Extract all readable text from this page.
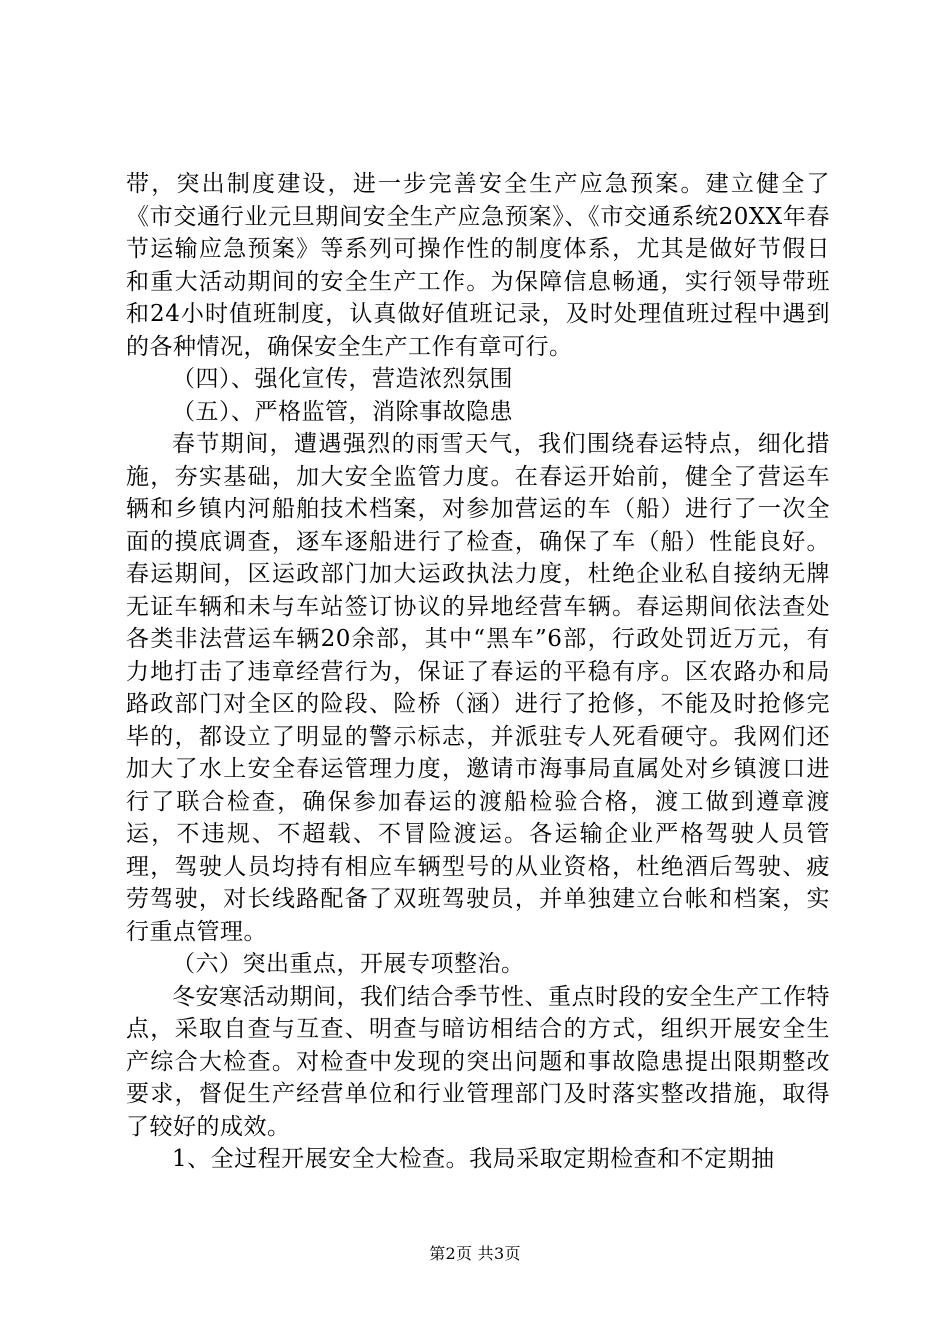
带，突出制度建设，进一步完善安全生产应急预案。建立健全了《市交通行业元旦期间安全生产应急预案》、《市交通系统20XX年春节运输应急预案》等系列可操作性的制度体系，尤其是做好节假日和重大活动期间的安全生产工作。为保障信息畅通，实行领导带班和24小时值班制度，认真做好值班记录，及时处理值班过程中遇到的各种情况，确保安全生产工作有章可行。

（四）、强化宣传，营造浓烈氛围

（五）、严格监管，消除事故隐患

春节期间，遭遇强烈的雨雪天气，我们围绕春运特点，细化措施，夯实基础，加大安全监管力度。在春运开始前，健全了营运车辆和乡镇内河船舶技术档案，对参加营运的车（船）进行了一次全面的摸底调查，逐车逐船进行了检查，确保了车（船）性能良好。春运期间，区运政部门加大运政执法力度，杜绝企业私自接纳无牌无证车辆和未与车站签订协议的异地经营车辆。春运期间依法查处各类非法营运车辆20余部，其中“黑车”6部，行政处罚近万元，有力地打击了违章经营行为，保证了春运的平稳有序。区农路办和局路政部门对全区的险段、险桥（涵）进行了抢修，不能及时抢修完毕的，都设立了明显的警示标志，并派驻专人死看硬守。我网们还加大了水上安全春运管理力度，邀请市海事局直属处对乡镇渡口进行了联合检查，确保参加春运的渡船检验合格，渡工做到遵章渡运，不违规、不超载、不冒险渡运。各运输企业严格驾驶人员管理，驾驶人员均持有相应车辆型号的从业资格，杜绝酒后驾驶、疲劳驾驶，对长线路配备了双班驾驶员，并单独建立台帐和档案，实行重点管理。

（六）突出重点，开展专项整治。

冬安寒活动期间，我们结合季节性、重点时段的安全生产工作特点，采取自查与互查、明查与暗访相结合的方式，组织开展安全生产综合大检查。对检查中发现的突出问题和事故隐患提出限期整改要求，督促生产经营单位和行业管理部门及时落实整改措施，取得了较好的成效。

1、全过程开展安全大检查。我局采取定期检查和不定期抽

第2页 共3页
